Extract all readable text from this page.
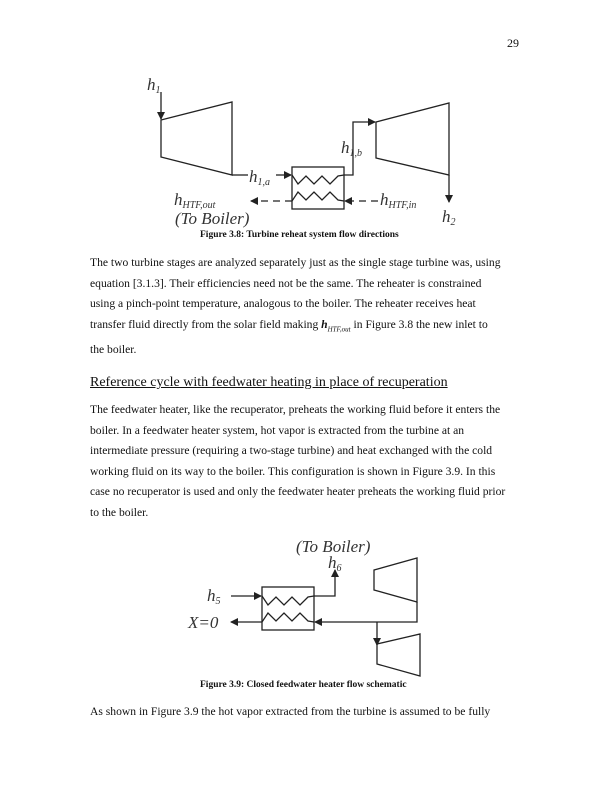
29
h1
h1,a
h1,b
h2
hHTF,out	hHTF,in
(To Boiler)
Figure 3.8: Turbine reheat system flow directions
The two turbine stages are analyzed separately just as the single stage turbine was, using
equation [3.1.3]. Their efficiencies need not be the same. The reheater is constrained
using a pinch-point temperature, analogous to the boiler. The reheater receives heat
transfer fluid directly from the solar field making $h_{HTF,out}$ in Figure 3.8 the new inlet to
the boiler.
Reference cycle with feedwater heating in place of recuperation
The feedwater heater, like the recuperator, preheats the working fluid before it enters the
boiler. In a feedwater heater system, hot vapor is extracted from the turbine at an
intermediate pressure (requiring a two-stage turbine) and heat exchanged with the cold
working fluid on its way to the boiler. This configuration is shown in Figure 3.9. In this
case no recuperator is used and only the feedwater heater preheats the working fluid prior
to the boiler.
(To Boiler)
h6
h5
X=0
Figure 3.9: Closed feedwater heater flow schematic
As shown in Figure 3.9 the hot vapor extracted from the turbine is assumed to be fully
